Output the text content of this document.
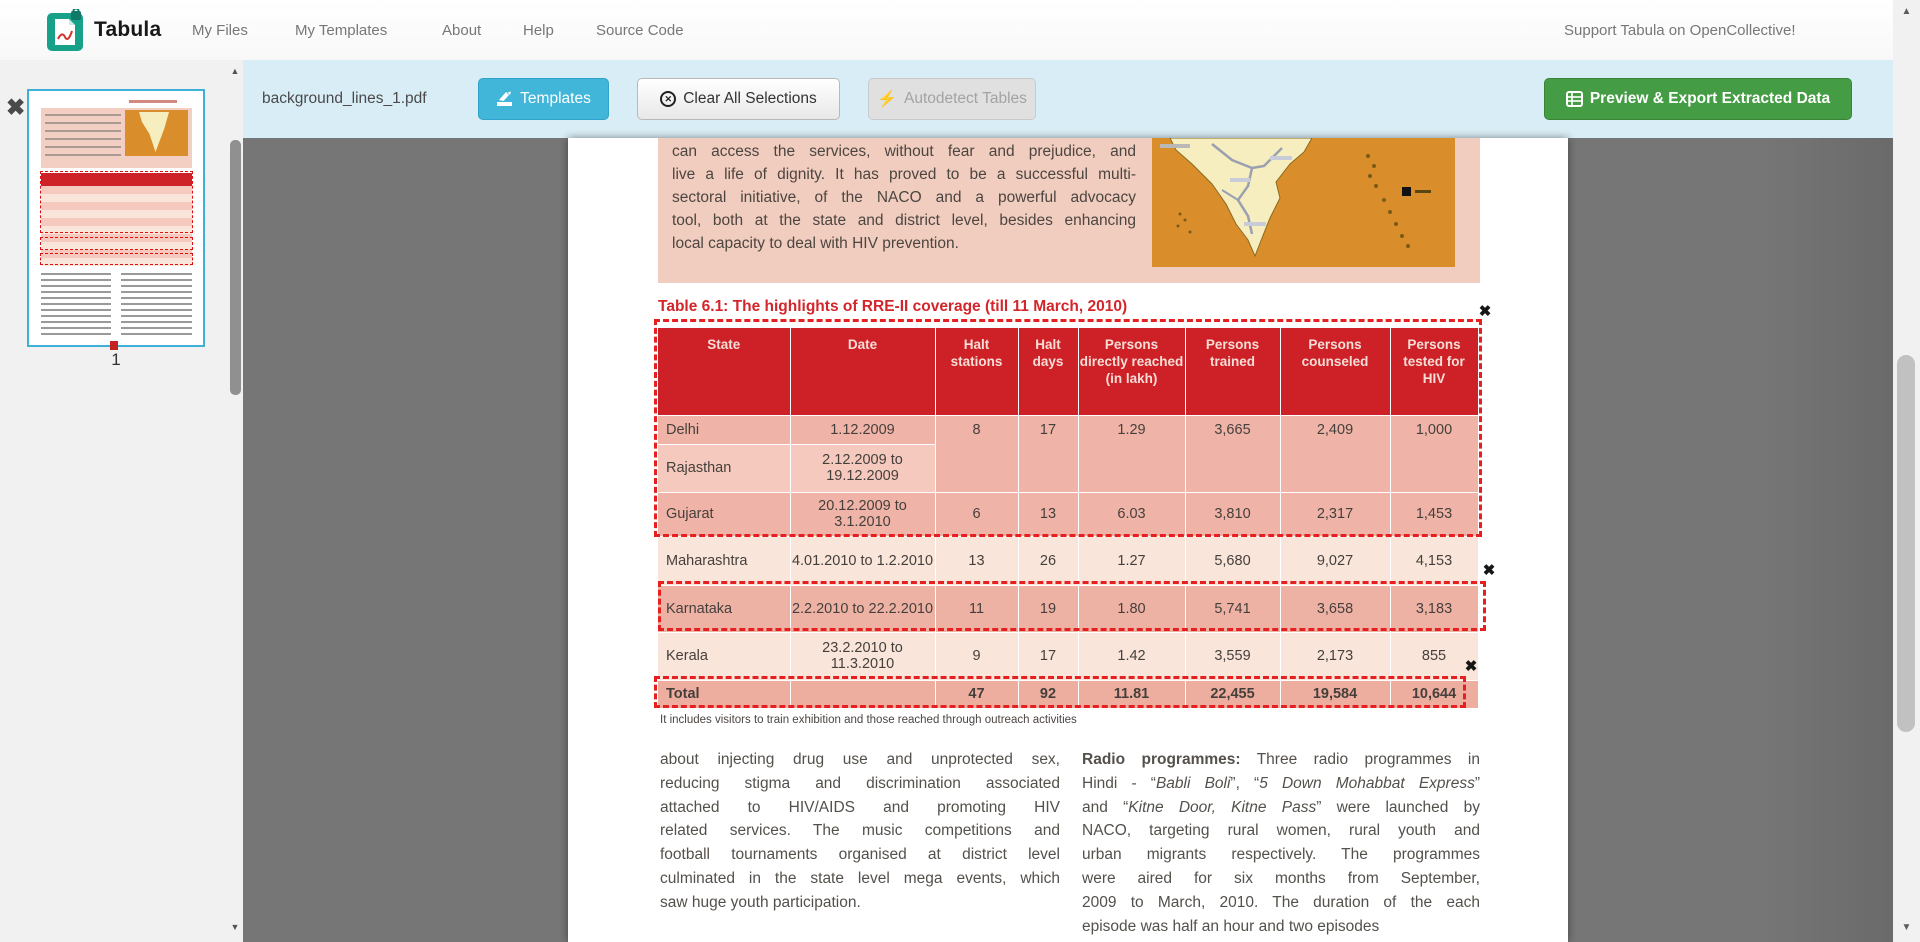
Tabula	Support Tabula on OpenCollective!
My Files	My Templates	About	Help	Source Code
background_lines_1.pdf	Templates	✕ Clear All Selections	⚡ Autodetect Tables	Preview & Export Extracted Data
✖
1
▲
▼
can access the services, without fear and prejudice, and
live a life of dignity. It has proved to be a successful multi-
sectoral initiative, of the NACO and a powerful advocacy
tool, both at the state and district level, besides enhancing
local capacity to deal with HIV prevention.
Table 6.1: The highlights of RRE-II coverage (till 11 March, 2010)
State	Date	Halt stations	Halt days	Persons directly reached (in lakh)	Persons trained	Persons counseled	Persons tested for HIV
Delhi	1.12.2009	8	17	1.29	3,665	2,409	1,000
Rajasthan	2.12.2009 to 19.12.2009						
Gujarat	20.12.2009 to 3.1.2010	6	13	6.03	3,810	2,317	1,453
Maharashtra	4.01.2010 to 1.2.2010	13	26	1.27	5,680	9,027	4,153
Karnataka	2.2.2010 to 22.2.2010	11	19	1.80	5,741	3,658	3,183
Kerala	23.2.2010 to 11.3.2010	9	17	1.42	3,559	2,173	855
Total		47	92	11.81	22,455	19,584	10,644
It includes visitors to train exhibition and those reached through outreach activities
about injecting drug use and unprotected sex,
reducing stigma and discrimination associated
attached to HIV/AIDS and promoting HIV
related services. The music competitions and
football tournaments organised at district level
culminated in the state level mega events, which
saw huge youth participation.
Radio programmes: Three radio programmes in
Hindi - “Babli Boli”, “5 Down Mohabbat Express”
and “Kitne Door, Kitne Pass” were launched by
NACO, targeting rural women, rural youth and
urban migrants respectively. The programmes
were aired for six months from September,
2009 to March, 2010. The duration of the each
episode was half an hour and two episodes
✖
✖
✖
▲
▼
